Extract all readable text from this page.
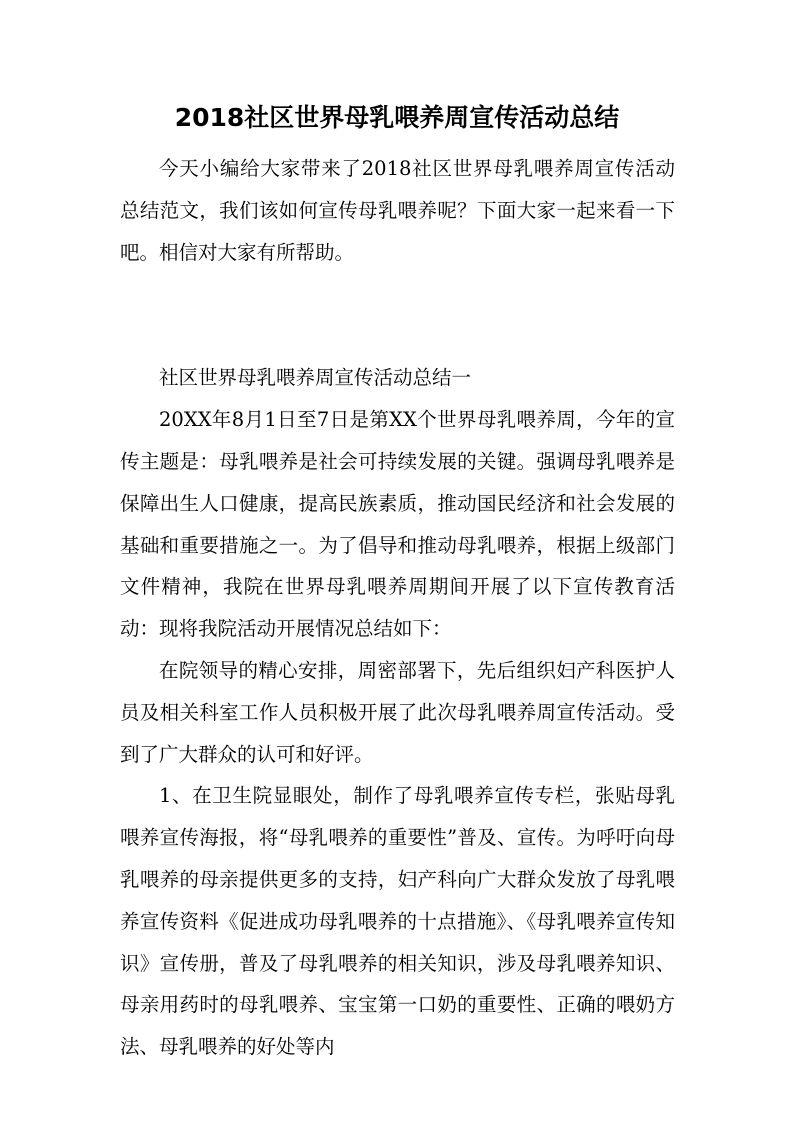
2018社区世界母乳喂养周宣传活动总结

今天小编给大家带来了2018社区世界母乳喂养周宣传活动总结范文，我们该如何宣传母乳喂养呢？下面大家一起来看一下吧。相信对大家有所帮助。

社区世界母乳喂养周宣传活动总结一

20XX年8月1日至7日是第XX个世界母乳喂养周，今年的宣传主题是：母乳喂养是社会可持续发展的关键。强调母乳喂养是保障出生人口健康，提高民族素质，推动国民经济和社会发展的基础和重要措施之一。为了倡导和推动母乳喂养，根据上级部门文件精神，我院在世界母乳喂养周期间开展了以下宣传教育活动：现将我院活动开展情况总结如下：

在院领导的精心安排，周密部署下，先后组织妇产科医护人员及相关科室工作人员积极开展了此次母乳喂养周宣传活动。受到了广大群众的认可和好评。

1、在卫生院显眼处，制作了母乳喂养宣传专栏，张贴母乳喂养宣传海报，将“母乳喂养的重要性”普及、宣传。为呼吁向母乳喂养的母亲提供更多的支持，妇产科向广大群众发放了母乳喂养宣传资料《促进成功母乳喂养的十点措施》、《母乳喂养宣传知识》宣传册，普及了母乳喂养的相关知识，涉及母乳喂养知识、母亲用药时的母乳喂养、宝宝第一口奶的重要性、正确的喂奶方法、母乳喂养的好处等内
